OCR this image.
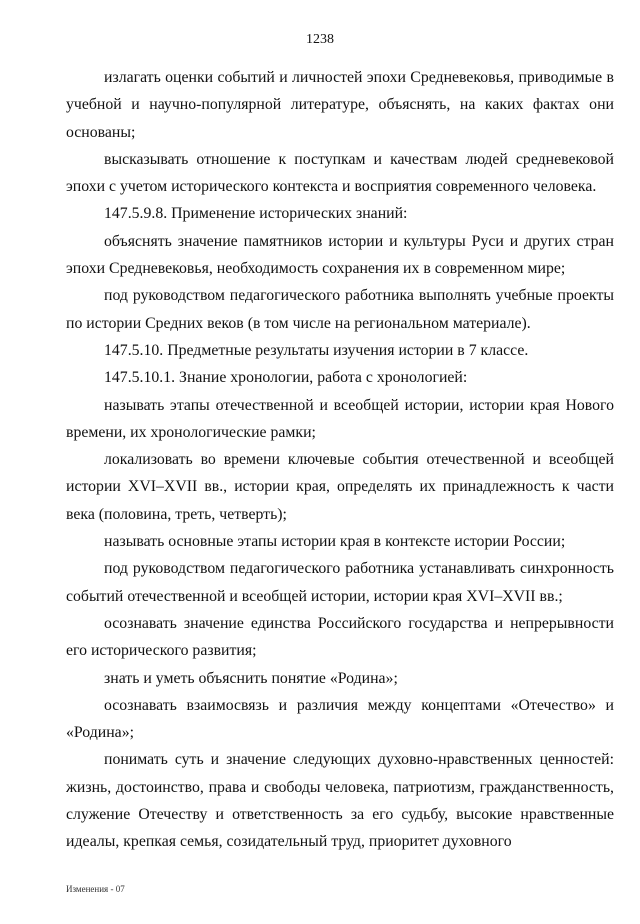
1238

излагать оценки событий и личностей эпохи Средневековья, приводимые в учебной и научно-популярной литературе, объяснять, на каких фактах они основаны;

высказывать отношение к поступкам и качествам людей средневековой эпохи с учетом исторического контекста и восприятия современного человека.

147.5.9.8. Применение исторических знаний:

объяснять значение памятников истории и культуры Руси и других стран эпохи Средневековья, необходимость сохранения их в современном мире;

под руководством педагогического работника выполнять учебные проекты по истории Средних веков (в том числе на региональном материале).

147.5.10. Предметные результаты изучения истории в 7 классе.

147.5.10.1. Знание хронологии, работа с хронологией:

называть этапы отечественной и всеобщей истории, истории края Нового времени, их хронологические рамки;

локализовать во времени ключевые события отечественной и всеобщей истории XVI–XVII вв., истории края, определять их принадлежность к части века (половина, треть, четверть);

называть основные этапы истории края в контексте истории России;

под руководством педагогического работника устанавливать синхронность событий отечественной и всеобщей истории, истории края XVI–XVII вв.;

осознавать значение единства Российского государства и непрерывности его исторического развития;

знать и уметь объяснить понятие «Родина»;

осознавать взаимосвязь и различия между концептами «Отечество» и «Родина»;

понимать суть и значение следующих духовно-нравственных ценностей: жизнь, достоинство, права и свободы человека, патриотизм, гражданственность, служение Отечеству и ответственность за его судьбу, высокие нравственные идеалы, крепкая семья, созидательный труд, приоритет духовного

Изменения - 07
